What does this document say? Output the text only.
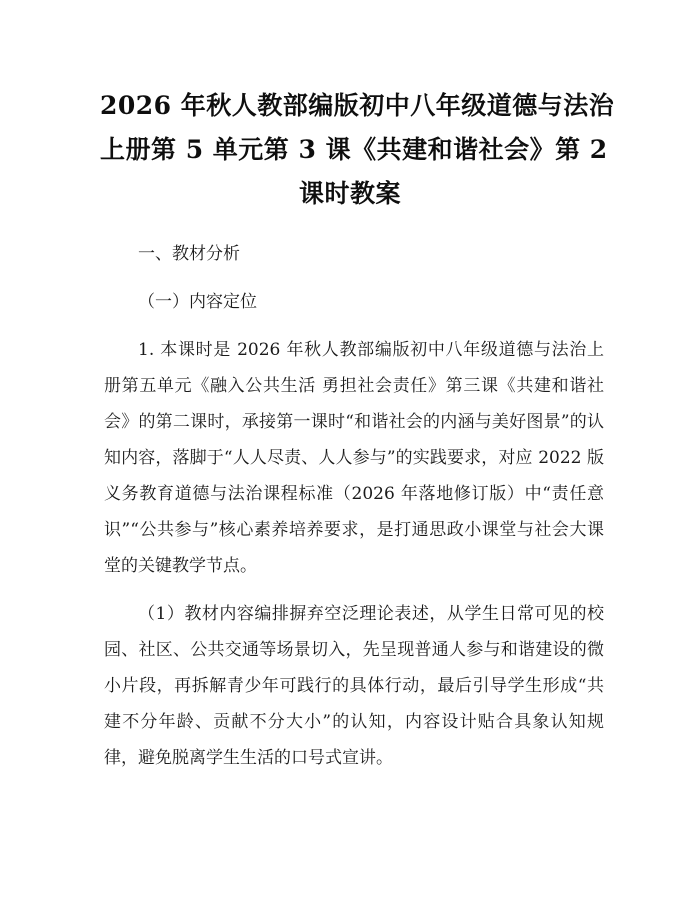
2026 年秋人教部编版初中八年级道德与法治
上册第 5 单元第 3 课《共建和谐社会》第 2
课时教案
一、教材分析
（一）内容定位
1. 本课时是 2026 年秋人教部编版初中八年级道德与法治上册第五单元《融入公共生活 勇担社会责任》第三课《共建和谐社会》的第二课时，承接第一课时“和谐社会的内涵与美好图景”的认知内容，落脚于“人人尽责、人人参与”的实践要求，对应 2022 版义务教育道德与法治课程标准（2026 年落地修订版）中“责任意识”“公共参与”核心素养培养要求，是打通思政小课堂与社会大课堂的关键教学节点。
（1）教材内容编排摒弃空泛理论表述，从学生日常可见的校园、社区、公共交通等场景切入，先呈现普通人参与和谐建设的微小片段，再拆解青少年可践行的具体行动，最后引导学生形成“共建不分年龄、贡献不分大小”的认知，内容设计贴合具象认知规律，避免脱离学生生活的口号式宣讲。
